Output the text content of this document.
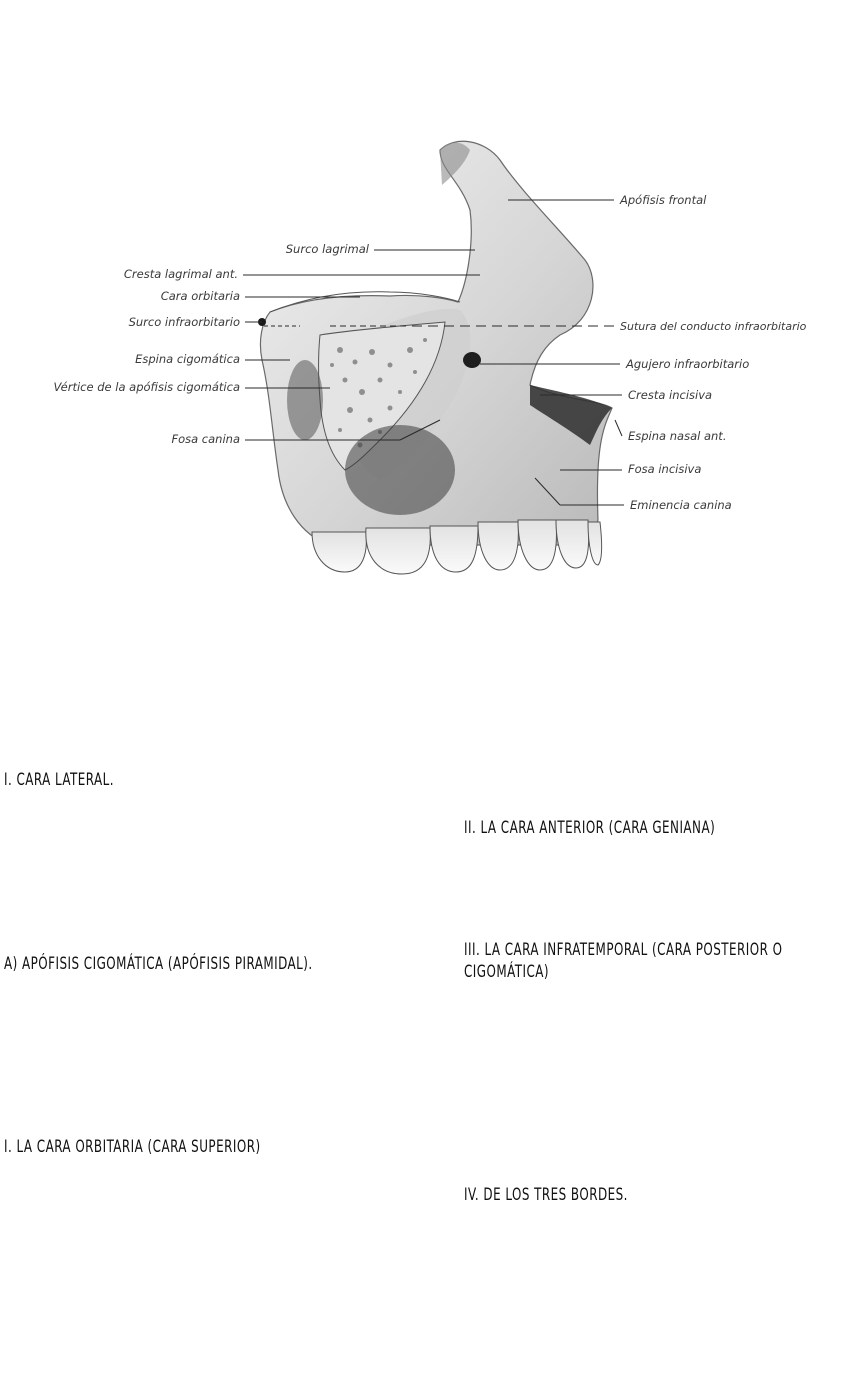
Surco lagrimal
Cresta lagrimal ant.
Cara orbitaria
Surco infraorbitario
Espina cigomática
Vértice de la apófisis cigomática
Fosa canina
Apófisis frontal
Sutura del conducto infraorbitario
Agujero infraorbitario
Cresta incisiva
Espina nasal ant.
Fosa incisiva
Eminencia canina
I. CARA LATERAL.
II. LA CARA ANTERIOR (CARA GENIANA)
A) APÓFISIS CIGOMÁTICA (APÓFISIS PIRAMIDAL).
III. LA CARA INFRATEMPORAL (CARA POSTERIOR O CIGOMÁTICA)
I. LA CARA ORBITARIA (CARA SUPERIOR)
IV. DE LOS TRES BORDES.
